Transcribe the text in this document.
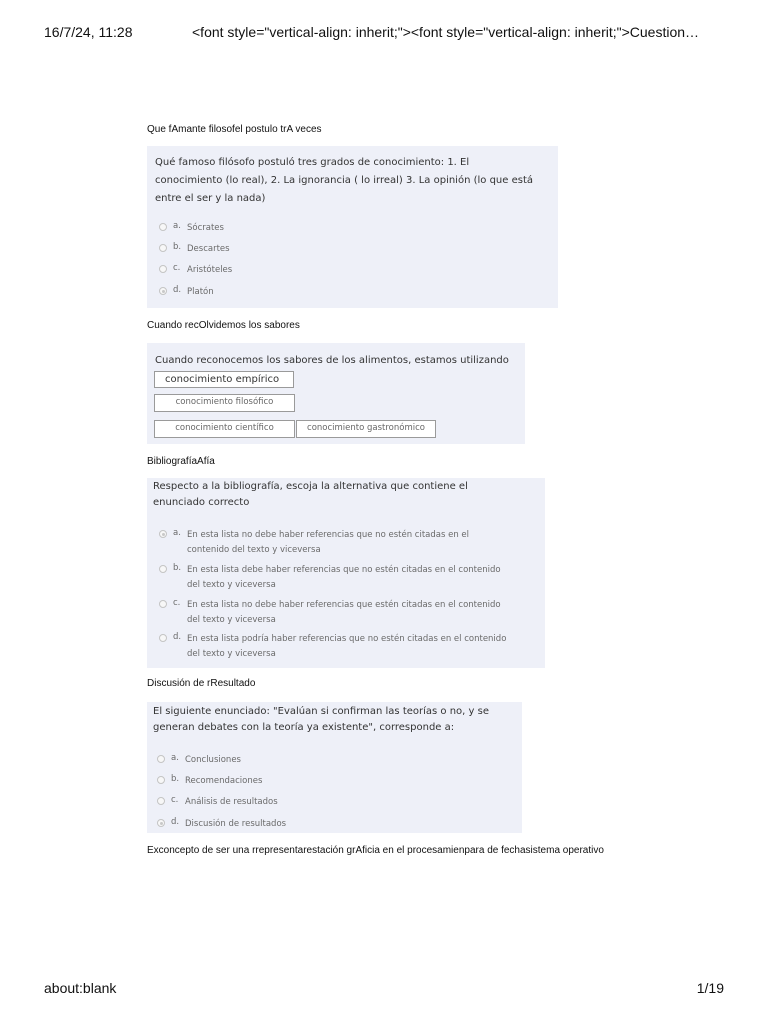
16/7/24, 11:28	<font style="vertical-align: inherit;"><font style="vertical-align: inherit;">Cuestion…
Que fAmante filosofel postulo trA veces
Qué famoso filósofo postuló tres grados de conocimiento: 1. El
conocimiento (lo real), 2. La ignorancia ( lo irreal) 3. La opinión (lo que está
entre el ser y la nada)
a. Sócrates
b. Descartes
c. Aristóteles
d. Platón
Cuando recOlvidemos los sabores
Cuando reconocemos los sabores de los alimentos, estamos utilizando
conocimiento empírico
conocimiento filosófico
conocimiento científico	conocimiento gastronómico
BibliografíaAfía
Respecto a la bibliografía, escoja la alternativa que contiene el
enunciado correcto
a. En esta lista no debe haber referencias que no estén citadas en el
contenido del texto y viceversa
b. En esta lista debe haber referencias que no estén citadas en el contenido
del texto y viceversa
c. En esta lista no debe haber referencias que estén citadas en el contenido
del texto y viceversa
d. En esta lista podría haber referencias que no estén citadas en el contenido
del texto y viceversa
Discusión de rResultado
El siguiente enunciado: "Evalúan si confirman las teorías o no, y se
generan debates con la teoría ya existente", corresponde a:
a. Conclusiones
b. Recomendaciones
c. Análisis de resultados
d. Discusión de resultados
Exconcepto de ser una rrepresentarestación grAficia en el procesamienpara de fechasistema operativo
about:blank	1/19
